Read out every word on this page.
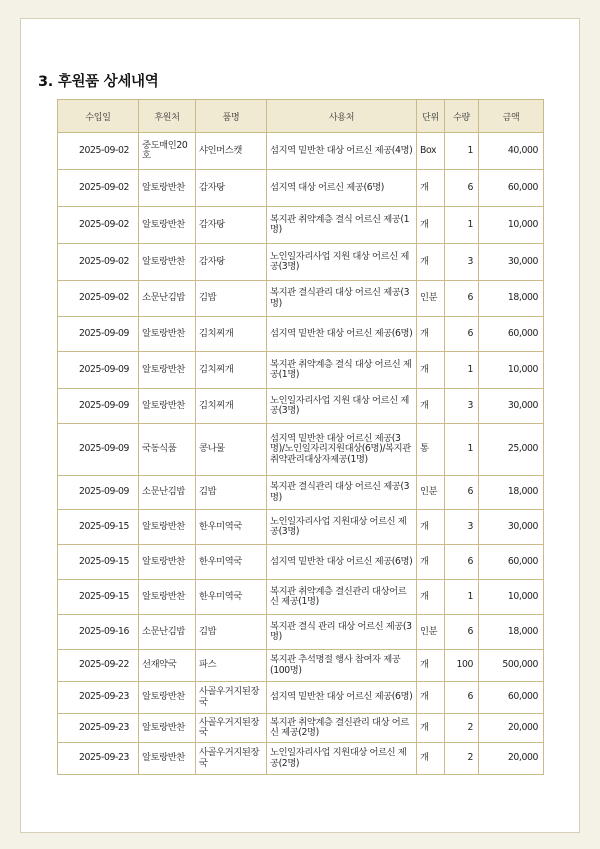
3. 후원품 상세내역
수입일	후원처	품명	사용처	단위	수량	금액
2025-09-02	중도매인20호	샤인머스캣	섬지역 밑반찬 대상 어르신 제공(4명)	Box	1	40,000
2025-09-02	알토랑반찬	감자탕	섬지역 대상 어르신 제공(6명)	개	6	60,000
2025-09-02	알토랑반찬	감자탕	복지관 취약계층 결식 어르신 제공(1명)	개	1	10,000
2025-09-02	알토랑반찬	감자탕	노인일자리사업 지원 대상 어르신 제공(3명)	개	3	30,000
2025-09-02	소문난김밥	김밥	복지관 결식관리 대상 어르신 제공(3명)	인분	6	18,000
2025-09-09	알토랑반찬	김치찌개	섬지역 밑반찬 대상 어르신 제공(6명)	개	6	60,000
2025-09-09	알토랑반찬	김치찌개	복지관 취약계층 결식 대상 어르신 제공(1명)	개	1	10,000
2025-09-09	알토랑반찬	김치찌개	노인일자리사업 지원 대상 어르신 제공(3명)	개	3	30,000
2025-09-09	국동식품	콩나물	섬지역 밑반찬 대상 어르신 제공(3명)/노인일자리지원대상(6명)/복지관 취약관리대상자제공(1명)	통	1	25,000
2025-09-09	소문난김밥	김밥	복지관 결식관리 대상 어르신 제공(3명)	인분	6	18,000
2025-09-15	알토랑반찬	한우미역국	노인일자리사업 지원대상 어르신 제공(3명)	개	3	30,000
2025-09-15	알토랑반찬	한우미역국	섬지역 밑반찬 대상 어르신 제공(6명)	개	6	60,000
2025-09-15	알토랑반찬	한우미역국	복지관 취약계층 결신관리 대상어르신 제공(1명)	개	1	10,000
2025-09-16	소문난김밥	김밥	복지관 결식 관리 대상 어르신 제공(3명)	인분	6	18,000
2025-09-22	선재약국	파스	복지관 추석명절 행사 참여자 제공(100명)	개	100	500,000
2025-09-23	알토랑반찬	사골우거지된장국	섬지역 밑반찬 대상 어르신 제공(6명)	개	6	60,000
2025-09-23	알토랑반찬	사골우거지된장국	복지관 취약계층 결신관리 대상 어르신 제공(2명)	개	2	20,000
2025-09-23	알토랑반찬	사골우거지된장국	노인일자리사업 지원대상 어르신 제공(2명)	개	2	20,000
